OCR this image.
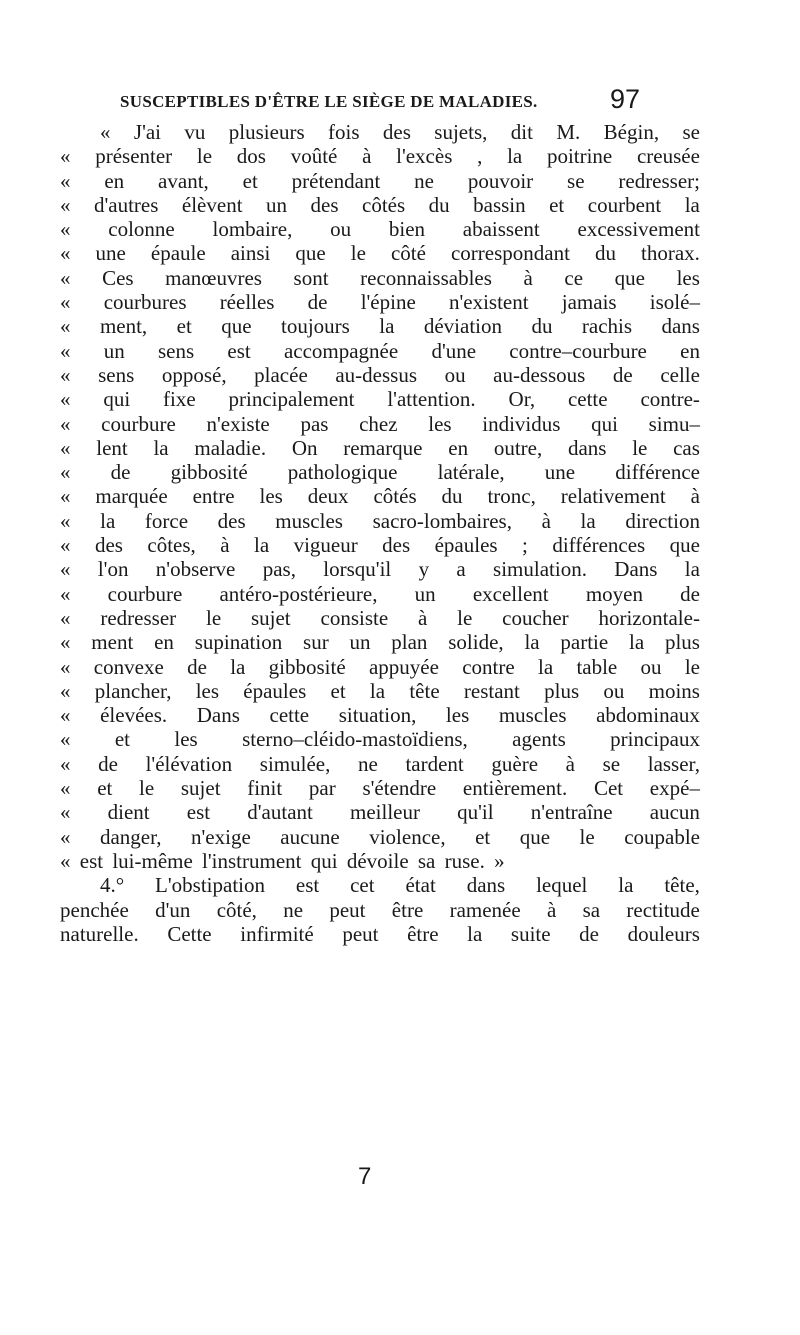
SUSCEPTIBLES D'ÊTRE LE SIÈGE DE MALADIES.	97
« J'ai vu plusieurs fois des sujets, dit M. Bégin, se
« présenter le dos voûté à l'excès , la poitrine creusée
« en avant, et prétendant ne pouvoir se redresser;
« d'autres élèvent un des côtés du bassin et courbent la
« colonne lombaire, ou bien abaissent excessivement
« une épaule ainsi que le côté correspondant du thorax.
« Ces manœuvres sont reconnaissables à ce que les
« courbures réelles de l'épine n'existent jamais isolé–
« ment, et que toujours la déviation du rachis dans
« un sens est accompagnée d'une contre–courbure en
« sens opposé, placée au-dessus ou au-dessous de celle
« qui fixe principalement l'attention. Or, cette contre-
« courbure n'existe pas chez les individus qui simu–
« lent la maladie. On remarque en outre, dans le cas
« de gibbosité pathologique latérale, une différence
« marquée entre les deux côtés du tronc, relativement à
« la force des muscles sacro-lombaires, à la direction
« des côtes, à la vigueur des épaules ; différences que
« l'on n'observe pas, lorsqu'il y a simulation. Dans la
« courbure antéro-postérieure, un excellent moyen de
« redresser le sujet consiste à le coucher horizontale-
« ment en supination sur un plan solide, la partie la plus
« convexe de la gibbosité appuyée contre la table ou le
« plancher, les épaules et la tête restant plus ou moins
« élevées. Dans cette situation, les muscles abdominaux
« et les sterno–cléido-mastoïdiens, agents principaux
« de l'élévation simulée, ne tardent guère à se lasser,
« et le sujet finit par s'étendre entièrement. Cet expé–
« dient est d'autant meilleur qu'il n'entraîne aucun
« danger, n'exige aucune violence, et que le coupable
« est lui-même l'instrument qui dévoile sa ruse. »
4.° L'obstipation est cet état dans lequel la tête,
penchée d'un côté, ne peut être ramenée à sa rectitude
naturelle. Cette infirmité peut être la suite de douleurs
7
